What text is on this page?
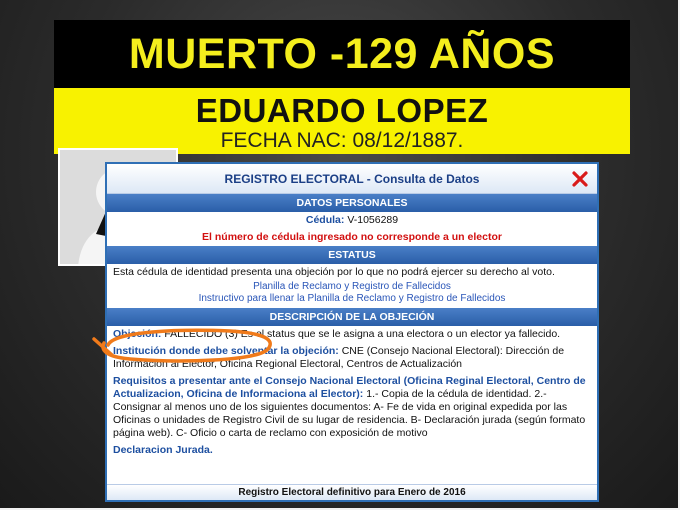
MUERTO -129 AÑOS
EDUARDO LOPEZ
FECHA NAC: 08/12/1887.
REGISTRO ELECTORAL - Consulta de Datos
DATOS PERSONALES
Cédula: V-1056289
El número de cédula ingresado no corresponde a un elector
ESTATUS
Esta cédula de identidad presenta una objeción por lo que no podrá ejercer su derecho al voto.
Planilla de Reclamo y Registro de Fallecidos
Instructivo para llenar la Planilla de Reclamo y Registro de Fallecidos
DESCRIPCIÓN DE LA OBJECIÓN
Objeción: FALLECIDO (3) Es el status que se le asigna a una electora o un elector ya fallecido.
Institución donde debe solventar la objeción: CNE (Consejo Nacional Electoral): Dirección de Información al Elector, Oficina Regional Electoral, Centros de Actualización
Requisitos a presentar ante el Consejo Nacional Electoral (Oficina Reginal Electoral, Centro de Actualizacion, Oficina de Informaciona al Elector): 1.- Copia de la cédula de identidad. 2.- Consignar al menos uno de los siguientes documentos: A- Fe de vida en original expedida por las Oficinas o unidades de Registro Civil de su lugar de residencia. B- Declaración jurada (según formato página web). C- Oficio o carta de reclamo con exposición de motivo
Declaracion Jurada.
Registro Electoral definitivo para Enero de 2016
